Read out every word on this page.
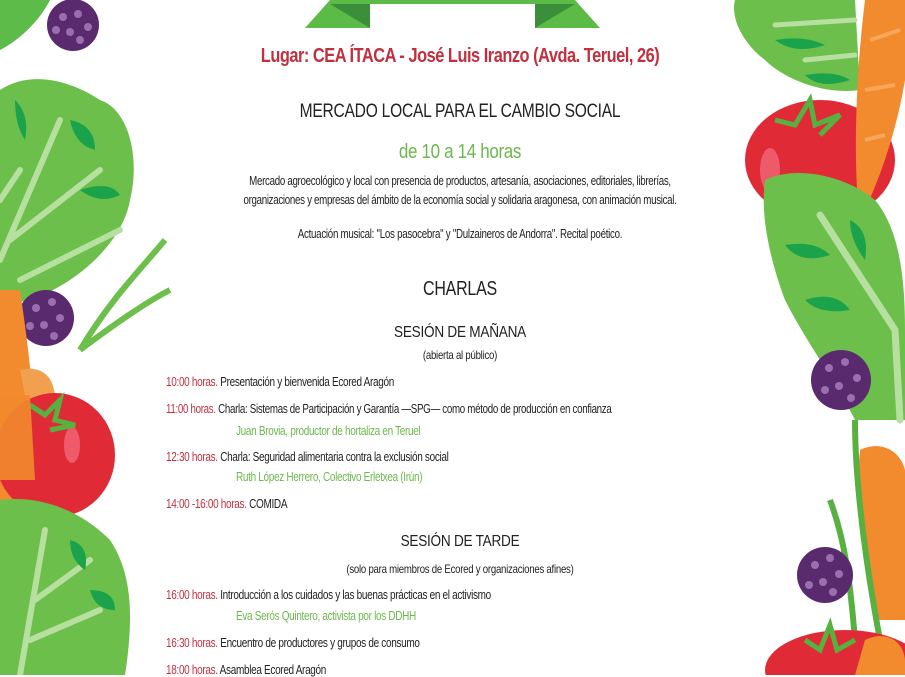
Lugar: CEA ÍTACA - José Luis Iranzo (Avda. Teruel, 26)
MERCADO LOCAL PARA EL CAMBIO SOCIAL
de 10 a 14 horas
Mercado agroecológico y local con presencia de productos, artesanía, asociaciones, editoriales, librerías,
organizaciones y empresas del ámbito de la economía social y solidaria aragonesa, con animación musical.
Actuación musical: "Los pasocebra" y "Dulzaineros de Andorra". Recital poético.
CHARLAS
SESIÓN DE MAÑANA
(abierta al público)
10:00 horas. Presentación y bienvenida Ecored Aragón
11:00 horas. Charla: Sistemas de Participación y Garantía —SPG— como método de producción en confianza
Juan Brovia, productor de hortaliza en Teruel
12:30 horas. Charla: Seguridad alimentaria contra la exclusión social
Ruth López Herrero, Colectivo Erletxea (Irún)
14:00 -16:00 horas. COMIDA
SESIÓN DE TARDE
(solo para miembros de Ecored y organizaciones afines)
16:00 horas. Introducción a los cuidados y las buenas prácticas en el activismo
Eva Serós Quintero, activista por los DDHH
16:30 horas. Encuentro de productores y grupos de consumo
18:00 horas. Asamblea Ecored Aragón
